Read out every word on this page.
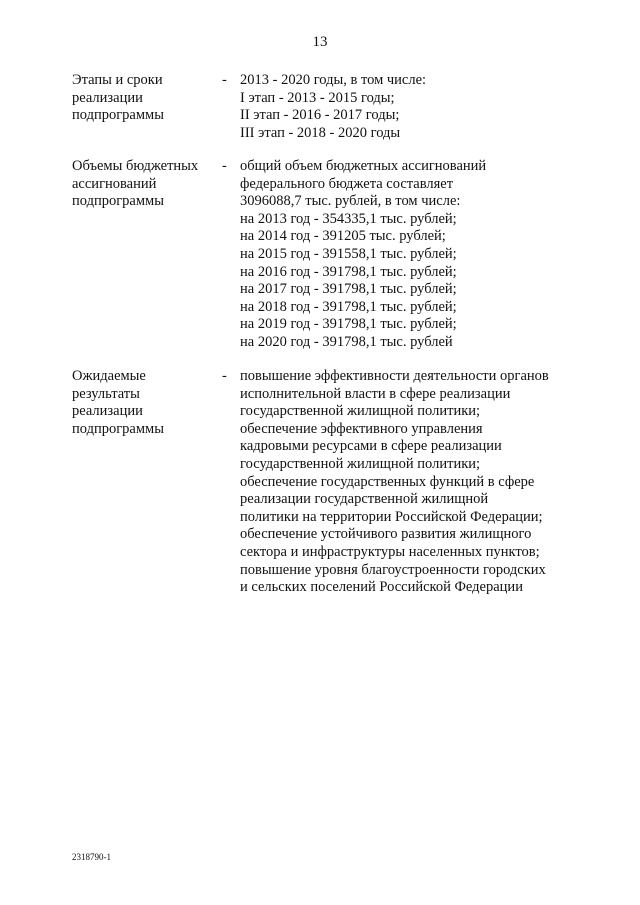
13
Этапы и сроки
реализации
подпрограммы
- 2013 - 2020 годы, в том числе:
I этап - 2013 - 2015 годы;
II этап - 2016 - 2017 годы;
III этап - 2018 - 2020 годы
Объемы бюджетных
ассигнований
подпрограммы
- общий объем бюджетных ассигнований
федерального бюджета составляет
3096088,7 тыс. рублей, в том числе:
на 2013 год - 354335,1 тыс. рублей;
на 2014 год - 391205 тыс. рублей;
на 2015 год - 391558,1 тыс. рублей;
на 2016 год - 391798,1 тыс. рублей;
на 2017 год - 391798,1 тыс. рублей;
на 2018 год - 391798,1 тыс. рублей;
на 2019 год - 391798,1 тыс. рублей;
на 2020 год - 391798,1 тыс. рублей
Ожидаемые
результаты
реализации
подпрограммы
- повышение эффективности деятельности органов
исполнительной власти в сфере реализации
государственной жилищной политики;
обеспечение эффективного управления
кадровыми ресурсами в сфере реализации
государственной жилищной политики;
обеспечение государственных функций в сфере
реализации государственной жилищной
политики на территории Российской Федерации;
обеспечение устойчивого развития жилищного
сектора и инфраструктуры населенных пунктов;
повышение уровня благоустроенности городских
и сельских поселений Российской Федерации
2318790-1
